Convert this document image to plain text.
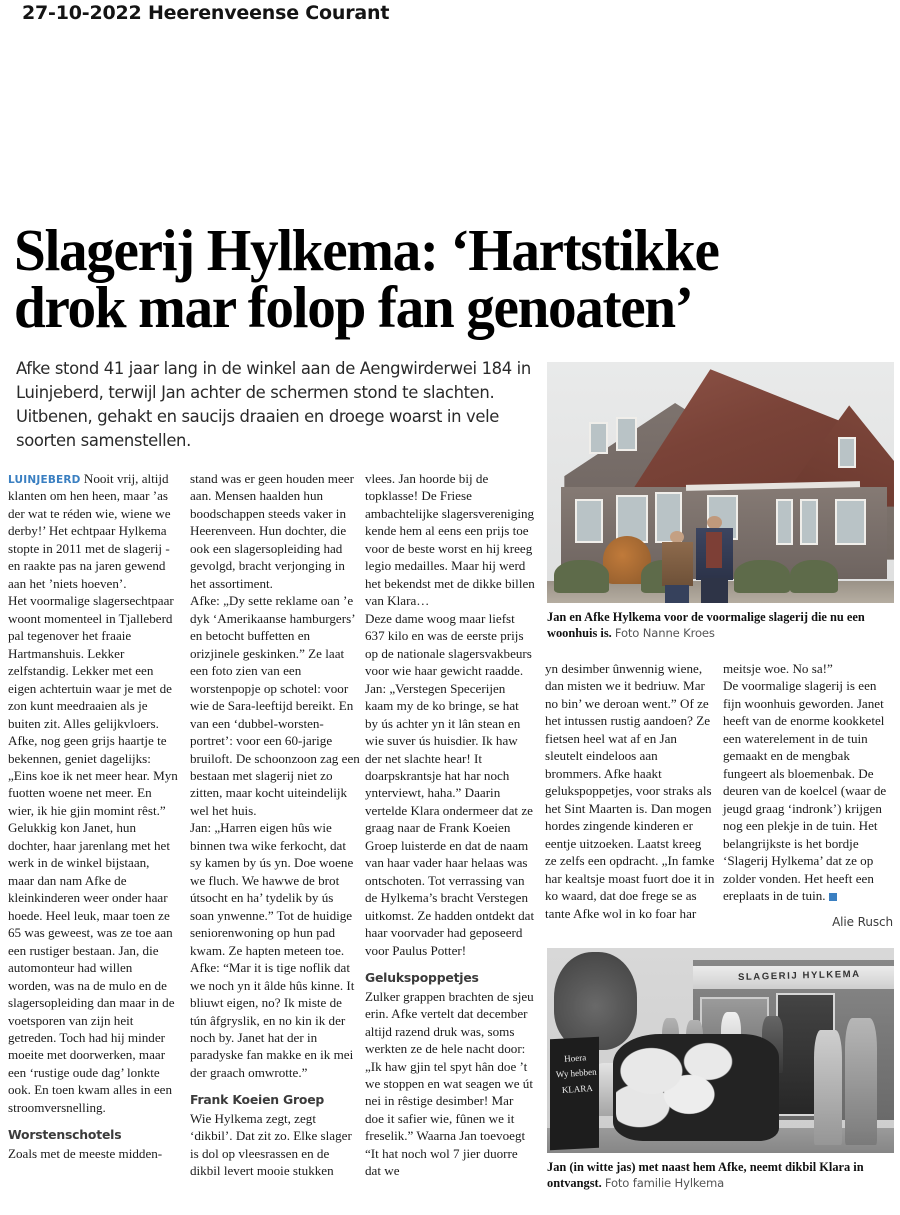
27-10-2022 Heerenveense Courant
Slagerij Hylkema: ‘Hartstikke
drok mar folop fan genoaten’
Afke stond 41 jaar lang in de winkel aan de Aengwirderwei 184 in Luinjeberd, terwijl Jan achter de schermen stond te slachten. Uitbenen, gehakt en saucijs draaien en droege woarst in vele soorten samenstellen.

LUINJEBERD Nooit vrij, altijd klanten om hen heen, maar ’as der wat te réden wie, wiene we derby!’ Het echtpaar Hylkema stopte in 2011 met de slagerij - en raakte pas na jaren gewend aan het ’niets hoeven’.

Het voormalige slagersechtpaar woont momenteel in Tjalleberd pal tegenover het fraaie Hartmanshuis. Lekker zelfstandig. Lekker met een eigen achtertuin waar je met de zon kunt meedraaien als je buiten zit. Alles gelijkvloers. Afke, nog geen grijs haartje te bekennen, geniet dagelijks: „Eins koe ik net meer hear. Myn fuotten woene net meer. En wier, ik hie gjin momint rêst.”

Gelukkig kon Janet, hun dochter, haar jarenlang met het werk in de winkel bijstaan, maar dan nam Afke de kleinkinderen weer onder haar hoede. Heel leuk, maar toen ze 65 was geweest, was ze toe aan een rustiger bestaan. Jan, die automonteur had willen worden, was na de mulo en de slagersopleiding dan maar in de voetsporen van zijn heit getreden. Toch had hij minder moeite met doorwerken, maar een ‘rustige oude dag’ lonkte ook. En toen kwam alles in een stroomversnelling.

Worstenschotels

Zoals met de meeste midden-

stand was er geen houden meer aan. Mensen haalden hun boodschappen steeds vaker in Heerenveen. Hun dochter, die ook een slagersopleiding had gevolgd, bracht verjonging in het assortiment.

Afke: „Dy sette reklame oan ’e dyk ‘Amerikaanse hamburgers’ en betocht buffetten en orizjinele geskinken.” Ze laat een foto zien van een worstenpopje op schotel: voor wie de Sara-leeftijd bereikt. En van een ‘dubbel-worsten-portret’: voor een 60-jarige bruiloft. De schoonzoon zag een bestaan met slagerij niet zo zitten, maar kocht uiteindelijk wel het huis.

Jan: „Harren eigen hûs wie binnen twa wike ferkocht, dat sy kamen by ús yn. Doe woene we fluch. We hawwe de brot útsocht en ha’ tydelik by ús soan ynwenne.” Tot de huidige seniorenwoning op hun pad kwam. Ze hapten meteen toe. Afke: “Mar it is tige noflik dat we noch yn it âlde hûs kinne. It bliuwt eigen, no? Ik miste de tún âfgryslik, en no kin ik der noch by. Janet hat der in paradyske fan makke en ik mei der graach omwrotte.”

Frank Koeien Groep

Wie Hylkema zegt, zegt ‘dikbil’. Dat zit zo. Elke slager is dol op vleesrassen en de dikbil levert mooie stukken

vlees. Jan hoorde bij de topklasse! De Friese ambachtelijke slagersvereniging kende hem al eens een prijs toe voor de beste worst en hij kreeg legio medailles. Maar hij werd het bekendst met de dikke billen van Klara…

Deze dame woog maar liefst 637 kilo en was de eerste prijs op de nationale slagersvakbeurs voor wie haar gewicht raadde.

Jan: „Verstegen Specerijen kaam my de ko bringe, se hat by ús achter yn it lân stean en wie suver ús huisdier. Ik haw der net slachte hear! It doarpskrantsje hat har noch ynterviewt, haha.” Daarin vertelde Klara ondermeer dat ze graag naar de Frank Koeien Groep luisterde en dat de naam van haar vader haar helaas was ontschoten. Tot verrassing van de Hylkema’s bracht Verstegen uitkomst. Ze hadden ontdekt dat haar voorvader had geposeerd voor Paulus Potter!

Gelukspoppetjes

Zulker grappen brachten de sjeu erin. Afke vertelt dat december altijd razend druk was, soms werkten ze de hele nacht door: „Ik haw gjin tel spyt hân doe ’t we stoppen en wat seagen we út nei in rêstige desimber! Mar doe it safier wie, fûnen we it freselik.” Waarna Jan toevoegt “It hat noch wol 7 jier duorre dat we

yn desimber ûnwennig wiene, dan misten we it bedriuw. Mar no bin’ we deroan went.” Of ze het intussen rustig aandoen? Ze fietsen heel wat af en Jan sleutelt eindeloos aan brommers. Afke haakt gelukspoppetjes, voor straks als het Sint Maarten is. Dan mogen hordes zingende kinderen er eentje uitzoeken. Laatst kreeg ze zelfs een opdracht. „In famke har kealtsje moast fuort doe it in ko waard, dat doe frege se as tante Afke wol in ko foar har

meitsje woe. No sa!”

De voormalige slagerij is een fijn woonhuis geworden. Janet heeft van de enorme kookketel een waterelement in de tuin gemaakt en de mengbak fungeert als bloemenbak. De deuren van de koelcel (waar de jeugd graag ‘indronk’) krijgen nog een plekje in de tuin. Het belangrijkste is het bordje ‘Slagerij Hylkema’ dat ze op zolder vonden. Het heeft een ereplaats in de tuin.

Alie Rusch
Jan en Afke Hylkema voor de voormalige slagerij die nu een woonhuis is. Foto Nanne Kroes
SLAGERIJ HYLKEMA
Hoera
Wy hebben
KLARA
Jan (in witte jas) met naast hem Afke, neemt dikbil Klara in ontvangst. Foto familie Hylkema
